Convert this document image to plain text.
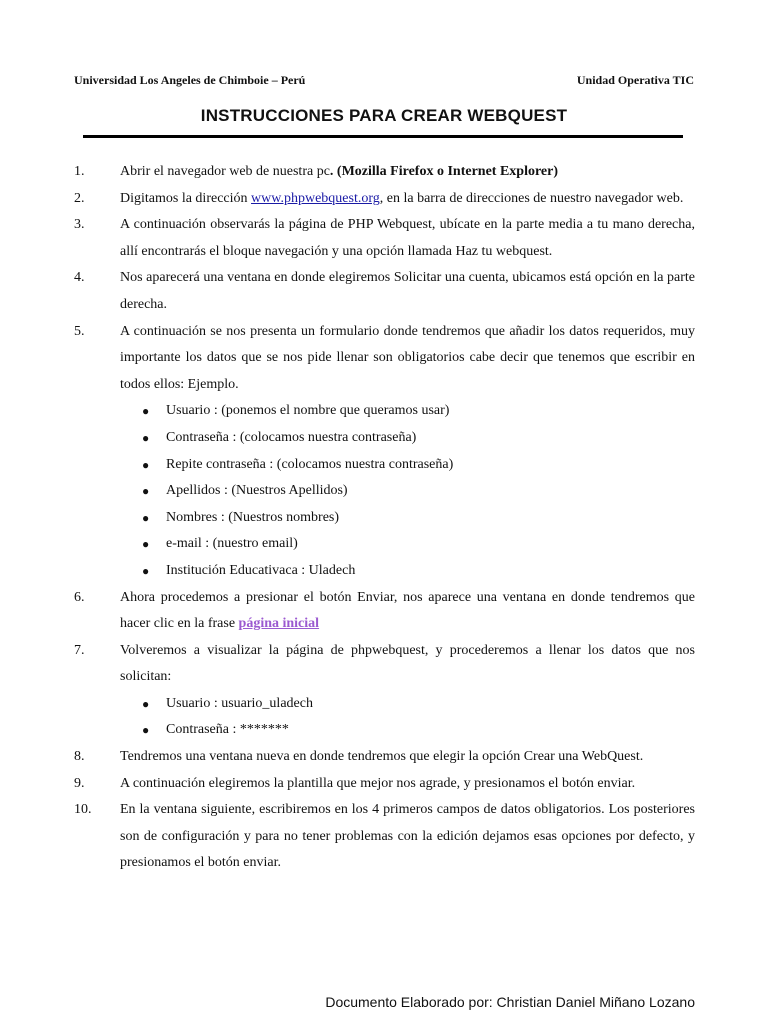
Universidad Los Angeles de Chimboie – Perú	Unidad Operativa TIC
INSTRUCCIONES PARA CREAR WEBQUEST
1.	Abrir el navegador web de nuestra pc. (Mozilla Firefox o Internet Explorer)
2.	Digitamos la dirección www.phpwebquest.org, en la barra de direcciones de nuestro navegador web.
3.	A continuación observarás la página de PHP Webquest, ubícate en la parte media a tu mano derecha, allí encontrarás el bloque navegación y una opción llamada Haz tu webquest.
4.	Nos aparecerá una ventana en donde elegiremos Solicitar una cuenta, ubicamos está opción en la parte derecha.
5.	A continuación se nos presenta un formulario donde tendremos que añadir los datos requeridos, muy importante los datos que se nos pide llenar son obligatorios cabe decir que tenemos que escribir en todos ellos: Ejemplo.
● Usuario : (ponemos el nombre que queramos usar)
● Contraseña : (colocamos nuestra contraseña)
● Repite contraseña : (colocamos nuestra contraseña)
● Apellidos : (Nuestros Apellidos)
● Nombres : (Nuestros nombres)
● e-mail : (nuestro email)
● Institución Educativaca : Uladech
6.	Ahora procedemos a presionar el botón Enviar, nos aparece una ventana en donde tendremos que hacer clic en la frase página inicial
7.	Volveremos a visualizar la página de phpwebquest, y procederemos a llenar los datos que nos solicitan:
● Usuario : usuario_uladech
● Contraseña : *******
8.	Tendremos una ventana nueva en donde tendremos que elegir la opción Crear una WebQuest.
9.	A continuación elegiremos la plantilla que mejor nos agrade, y presionamos el botón enviar.
10.	En la ventana siguiente, escribiremos en los 4 primeros campos de datos obligatorios. Los posteriores son de configuración y para no tener problemas con la edición dejamos esas opciones por defecto, y presionamos el botón enviar.
Documento Elaborado por: Christian Daniel Miñano Lozano
